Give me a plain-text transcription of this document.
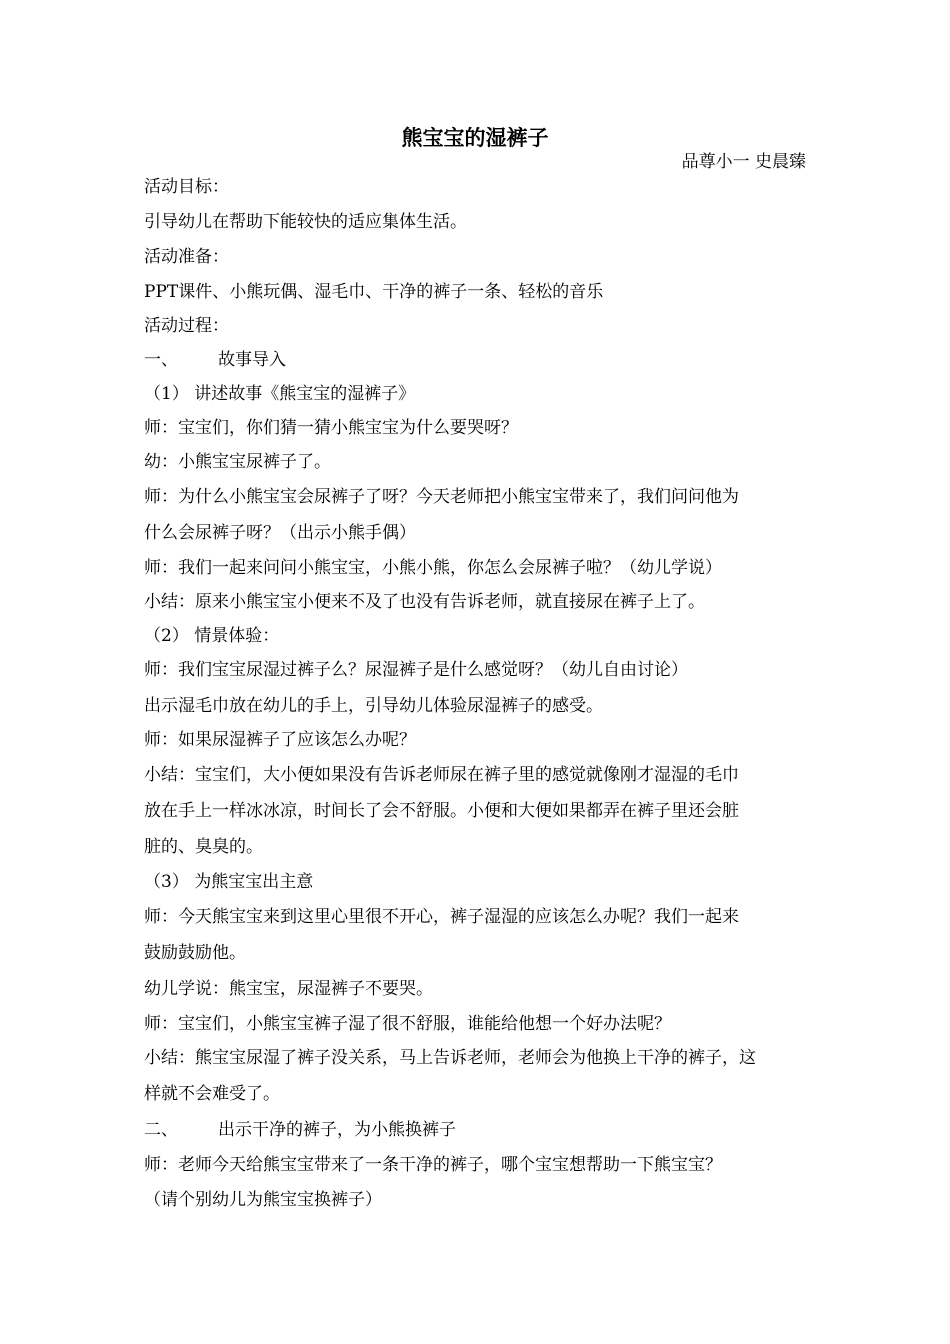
熊宝宝的湿裤子
品尊小一 史晨臻
活动目标：
引导幼儿在帮助下能较快的适应集体生活。
活动准备：
PPT课件、小熊玩偶、湿毛巾、干净的裤子一条、轻松的音乐
活动过程：
一、 故事导入
（1） 讲述故事《熊宝宝的湿裤子》
师：宝宝们，你们猜一猜小熊宝宝为什么要哭呀？
幼：小熊宝宝尿裤子了。
师：为什么小熊宝宝会尿裤子了呀？今天老师把小熊宝宝带来了，我们问问他为
什么会尿裤子呀？（出示小熊手偶）
师：我们一起来问问小熊宝宝，小熊小熊，你怎么会尿裤子啦？（幼儿学说）
小结：原来小熊宝宝小便来不及了也没有告诉老师，就直接尿在裤子上了。
（2） 情景体验：
师：我们宝宝尿湿过裤子么？尿湿裤子是什么感觉呀？（幼儿自由讨论）
出示湿毛巾放在幼儿的手上，引导幼儿体验尿湿裤子的感受。
师：如果尿湿裤子了应该怎么办呢？
小结：宝宝们，大小便如果没有告诉老师尿在裤子里的感觉就像刚才湿湿的毛巾
放在手上一样冰冰凉，时间长了会不舒服。小便和大便如果都弄在裤子里还会脏
脏的、臭臭的。
（3） 为熊宝宝出主意
师：今天熊宝宝来到这里心里很不开心，裤子湿湿的应该怎么办呢？我们一起来
鼓励鼓励他。
幼儿学说：熊宝宝，尿湿裤子不要哭。
师：宝宝们，小熊宝宝裤子湿了很不舒服，谁能给他想一个好办法呢？
小结：熊宝宝尿湿了裤子没关系，马上告诉老师，老师会为他换上干净的裤子，这
样就不会难受了。
二、 出示干净的裤子，为小熊换裤子
师：老师今天给熊宝宝带来了一条干净的裤子，哪个宝宝想帮助一下熊宝宝？
（请个别幼儿为熊宝宝换裤子）
